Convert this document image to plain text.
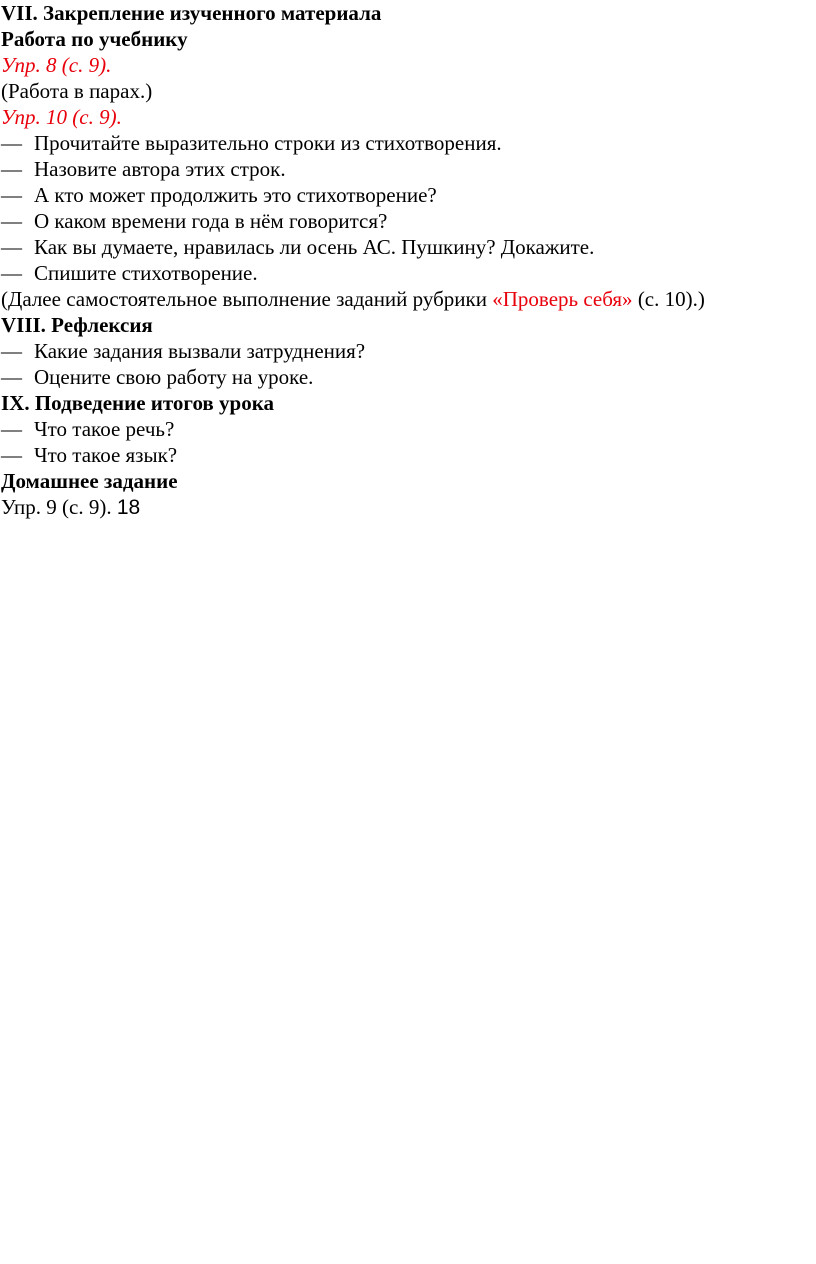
VII. Закрепление изученного материала
Работа по учебнику
Упр. 8 (с. 9).
(Работа в парах.)
Упр. 10 (с. 9).
— Прочитайте выразительно строки из стихотворения.
— Назовите автора этих строк.
— А кто может продолжить это стихотворение?
— О каком времени года в нём говорится?
— Как вы думаете, нравилась ли осень АС. Пушкину? Докажите.
— Спишите стихотворение.
(Далее самостоятельное выполнение заданий рубрики «Проверь себя» (с. 10).)
VIII. Рефлексия
— Какие задания вызвали затруднения?
— Оцените свою работу на уроке.
IX. Подведение итогов урока
— Что такое речь?
— Что такое язык?
Домашнее задание
Упр. 9 (с. 9). 18
